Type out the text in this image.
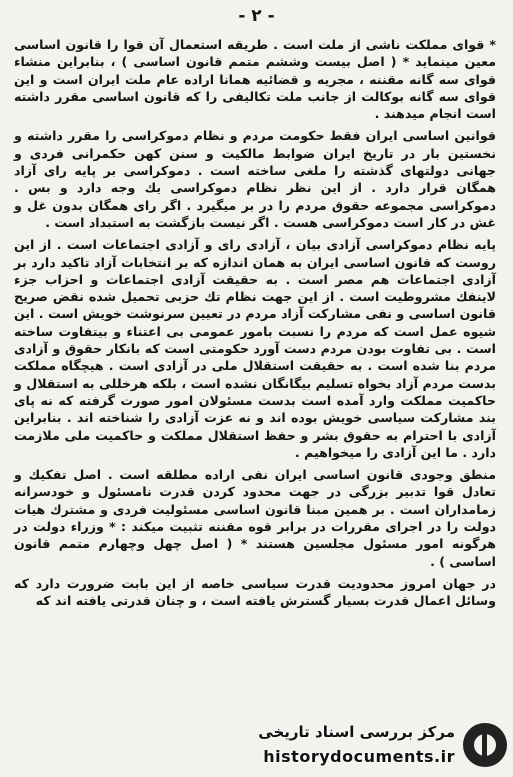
- ۲ -

* قوای مملکت ناشی از ملت است . طریقه استعمال آن قوا را قانون اساسی معین مینماید * ( اصل بیست وششم متمم قانون اساسی ) ، بنابراین منشاء قوای سه گانه مقننه ، مجریه و قضائیه همانا اراده عام ملت ایران است و این قوای سه گانه بوکالت از جانب ملت تکالیفی را که قانون اساسی مقرر داشته است انجام میدهند .

قوانین اساسی ایران فقط حکومت مردم و نظام دموکراسی را مقرر داشته و نخستین بار در تاریخ ایران ضوابط مالکیت و سنن کهن حکمرانی فردی و جهانی دولتهای گذشته را ملغی ساخته است . دموکراسی بر پایه رای آزاد همگان قرار دارد . از این نظر نظام دموکراسی یك وجه دارد و بس . دموکراسی مجموعه حقوق مردم را در بر میگیرد . اگر رای همگان بدون غل و غش در کار است دموکراسی هست . اگر نیست بازگشت به استبداد است .

پایه نظام دموکراسی آزادی بیان ، آزادی رای و آزادی اجتماعات است . از این روست که قانون اساسی ایران به همان اندازه که بر انتخابات آزاد تاکید دارد بر آزادی اجتماعات هم مصر است . به حقیقت آزادی اجتماعات و احزاب جزء لاینفك مشروطیت است . از این جهت نظام تك حزبی تحمیل شده نقض صریح قانون اساسی و نفی مشارکت آزاد مردم در تعیین سرنوشت خویش است . این شیوه عمل است که مردم را نسبت بامور عمومی بی اعتناء و بیتفاوت ساخته است . بی تفاوت بودن مردم دست آورد حکومتی است که بانکار حقوق و آزادی مردم بنا شده است . به حقیقت استقلال ملی در آزادی است . هیچگاه مملکت بدست مردم آزاد بخواه تسلیم بیگانگان نشده است ، بلکه هرخللی به استقلال و حاکمیت مملکت وارد آمده است بدست مسئولان امور صورت گرفته که نه پای بند مشارکت سیاسی خویش بوده اند و نه عزت آزادی را شناخته اند . بنابراین آزادی با احترام به حقوق بشر و حفظ استقلال مملکت و حاکمیت ملی ملازمت دارد . ما این آزادی را میخواهیم .

منطق وجودی قانون اساسی ایران نفی اراده مطلقه است . اصل تفکیك و تعادل قوا تدبیر بزرگی در جهت محدود کردن قدرت نامسئول و خودسرانه زمامداران است . بر همین مبنا قانون اساسی مسئولیت فردی و مشترك هیات دولت را در اجرای مقررات در برابر قوه مقننه تثبیت میکند : * وزراء دولت در هرگونه امور مسئول مجلسین هستند * ( اصل چهل وچهارم متمم قانون اساسی ) .

در جهان امروز محدودیت قدرت سیاسی خاصه از این بابت ضرورت دارد که وسائل اعمال قدرت بسیار گسترش یافته است ، و چنان قدرتی یافته اند که

مرکز بررسی اسناد تاریخی
historydocuments.ir
